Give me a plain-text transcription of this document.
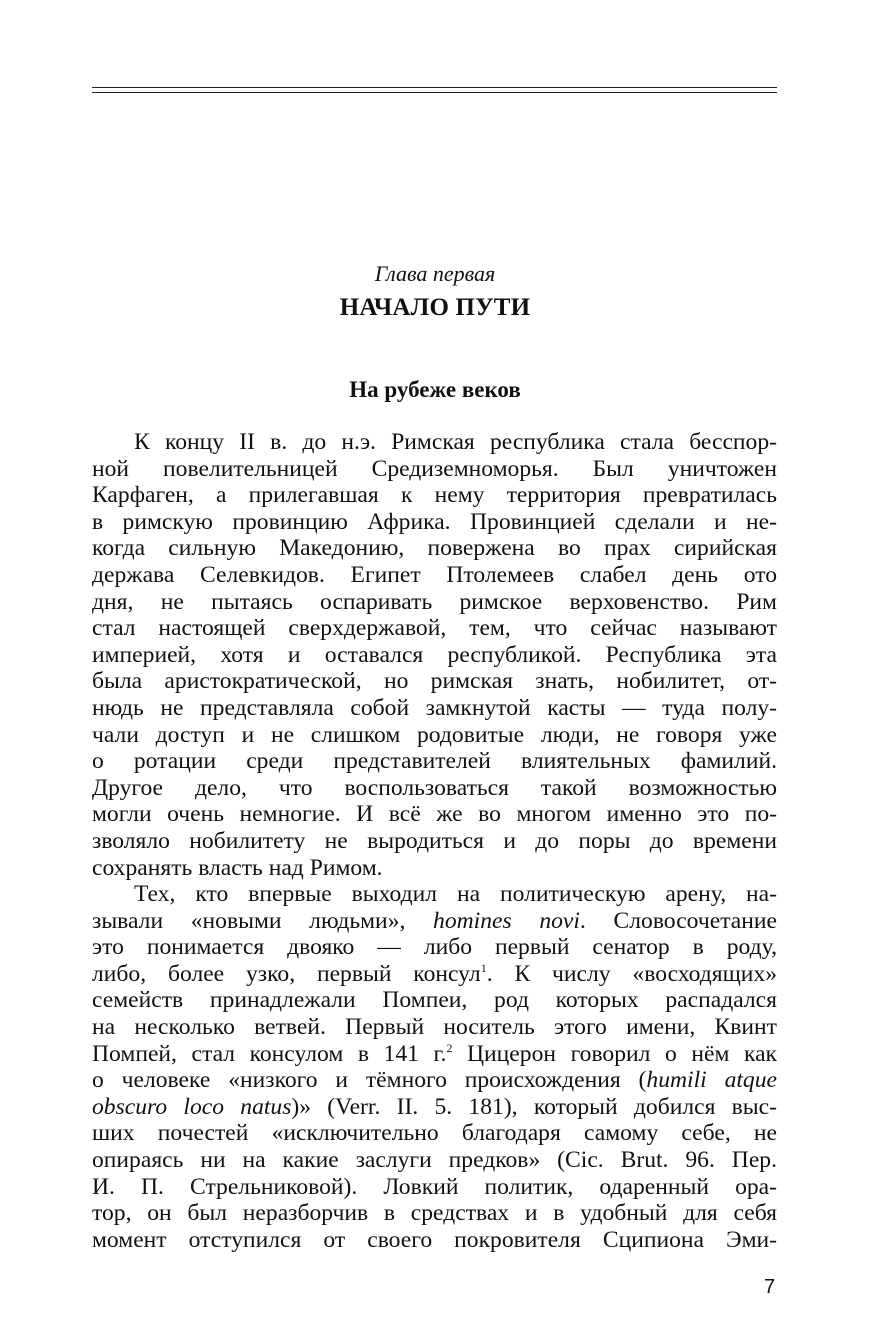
Глава первая
НАЧАЛО ПУТИ
На рубеже веков
К концу II в. до н.э. Римская республика стала бесспор-
ной повелительницей Средиземноморья. Был уничтожен
Карфаген, а прилегавшая к нему территория превратилась
в римскую провинцию Африка. Провинцией сделали и не-
когда сильную Македонию, повержена во прах сирийская
держава Селевкидов. Египет Птолемеев слабел день ото
дня, не пытаясь оспаривать римское верховенство. Рим
стал настоящей сверхдержавой, тем, что сейчас называют
империей, хотя и оставался республикой. Республика эта
была аристократической, но римская знать, нобилитет, от-
нюдь не представляла собой замкнутой касты — туда полу-
чали доступ и не слишком родовитые люди, не говоря уже
о ротации среди представителей влиятельных фамилий.
Другое дело, что воспользоваться такой возможностью
могли очень немногие. И всё же во многом именно это по-
зволяло нобилитету не выродиться и до поры до времени
сохранять власть над Римом.
Тех, кто впервые выходил на политическую арену, на-
зывали «новыми людьми», homines novi. Словосочетание
это понимается двояко — либо первый сенатор в роду,
либо, более узко, первый консул$^1$. К числу «восходящих»
семейств принадлежали Помпеи, род которых распадался
на несколько ветвей. Первый носитель этого имени, Квинт
Помпей, стал консулом в 141 г.$^2$ Цицерон говорил о нём как
о человеке «низкого и тёмного происхождения (humili atque
obscuro loco natus)» (Verr. II. 5. 181), который добился выс-
ших почестей «исключительно благодаря самому себе, не
опираясь ни на какие заслуги предков» (Cic. Brut. 96. Пер.
И. П. Стрельниковой). Ловкий политик, одаренный ора-
тор, он был неразборчив в средствах и в удобный для себя
момент отступился от своего покровителя Сципиона Эми-
7
